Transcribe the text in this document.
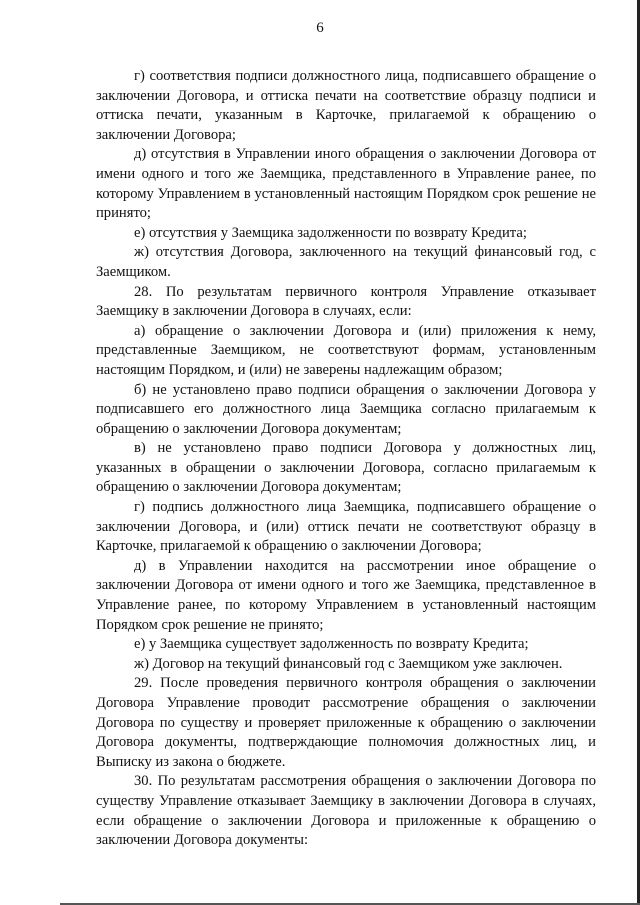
6

г) соответствия подписи должностного лица, подписавшего обращение о заключении Договора, и оттиска печати на соответствие образцу подписи и оттиска печати, указанным в Карточке, прилагаемой к обращению о заключении Договора;

д) отсутствия в Управлении иного обращения о заключении Договора от имени одного и того же Заемщика, представленного в Управление ранее, по которому Управлением в установленный настоящим Порядком срок решение не принято;

е) отсутствия у Заемщика задолженности по возврату Кредита;

ж) отсутствия Договора, заключенного на текущий финансовый год, с Заемщиком.

28. По результатам первичного контроля Управление отказывает Заемщику в заключении Договора в случаях, если:

а) обращение о заключении Договора и (или) приложения к нему, представленные Заемщиком, не соответствуют формам, установленным настоящим Порядком, и (или) не заверены надлежащим образом;

б) не установлено право подписи обращения о заключении Договора у подписавшего его должностного лица Заемщика согласно прилагаемым к обращению о заключении Договора документам;

в) не установлено право подписи Договора у должностных лиц, указанных в обращении о заключении Договора, согласно прилагаемым к обращению о заключении Договора документам;

г) подпись должностного лица Заемщика, подписавшего обращение о заключении Договора, и (или) оттиск печати не соответствуют образцу в Карточке, прилагаемой к обращению о заключении Договора;

д) в Управлении находится на рассмотрении иное обращение о заключении Договора от имени одного и того же Заемщика, представленное в Управление ранее, по которому Управлением в установленный настоящим Порядком срок решение не принято;

е) у Заемщика существует задолженность по возврату Кредита;

ж) Договор на текущий финансовый год с Заемщиком уже заключен.

29. После проведения первичного контроля обращения о заключении Договора Управление проводит рассмотрение обращения о заключении Договора по существу и проверяет приложенные к обращению о заключении Договора документы, подтверждающие полномочия должностных лиц, и Выписку из закона о бюджете.

30. По результатам рассмотрения обращения о заключении Договора по существу Управление отказывает Заемщику в заключении Договора в случаях, если обращение о заключении Договора и приложенные к обращению о заключении Договора документы:
